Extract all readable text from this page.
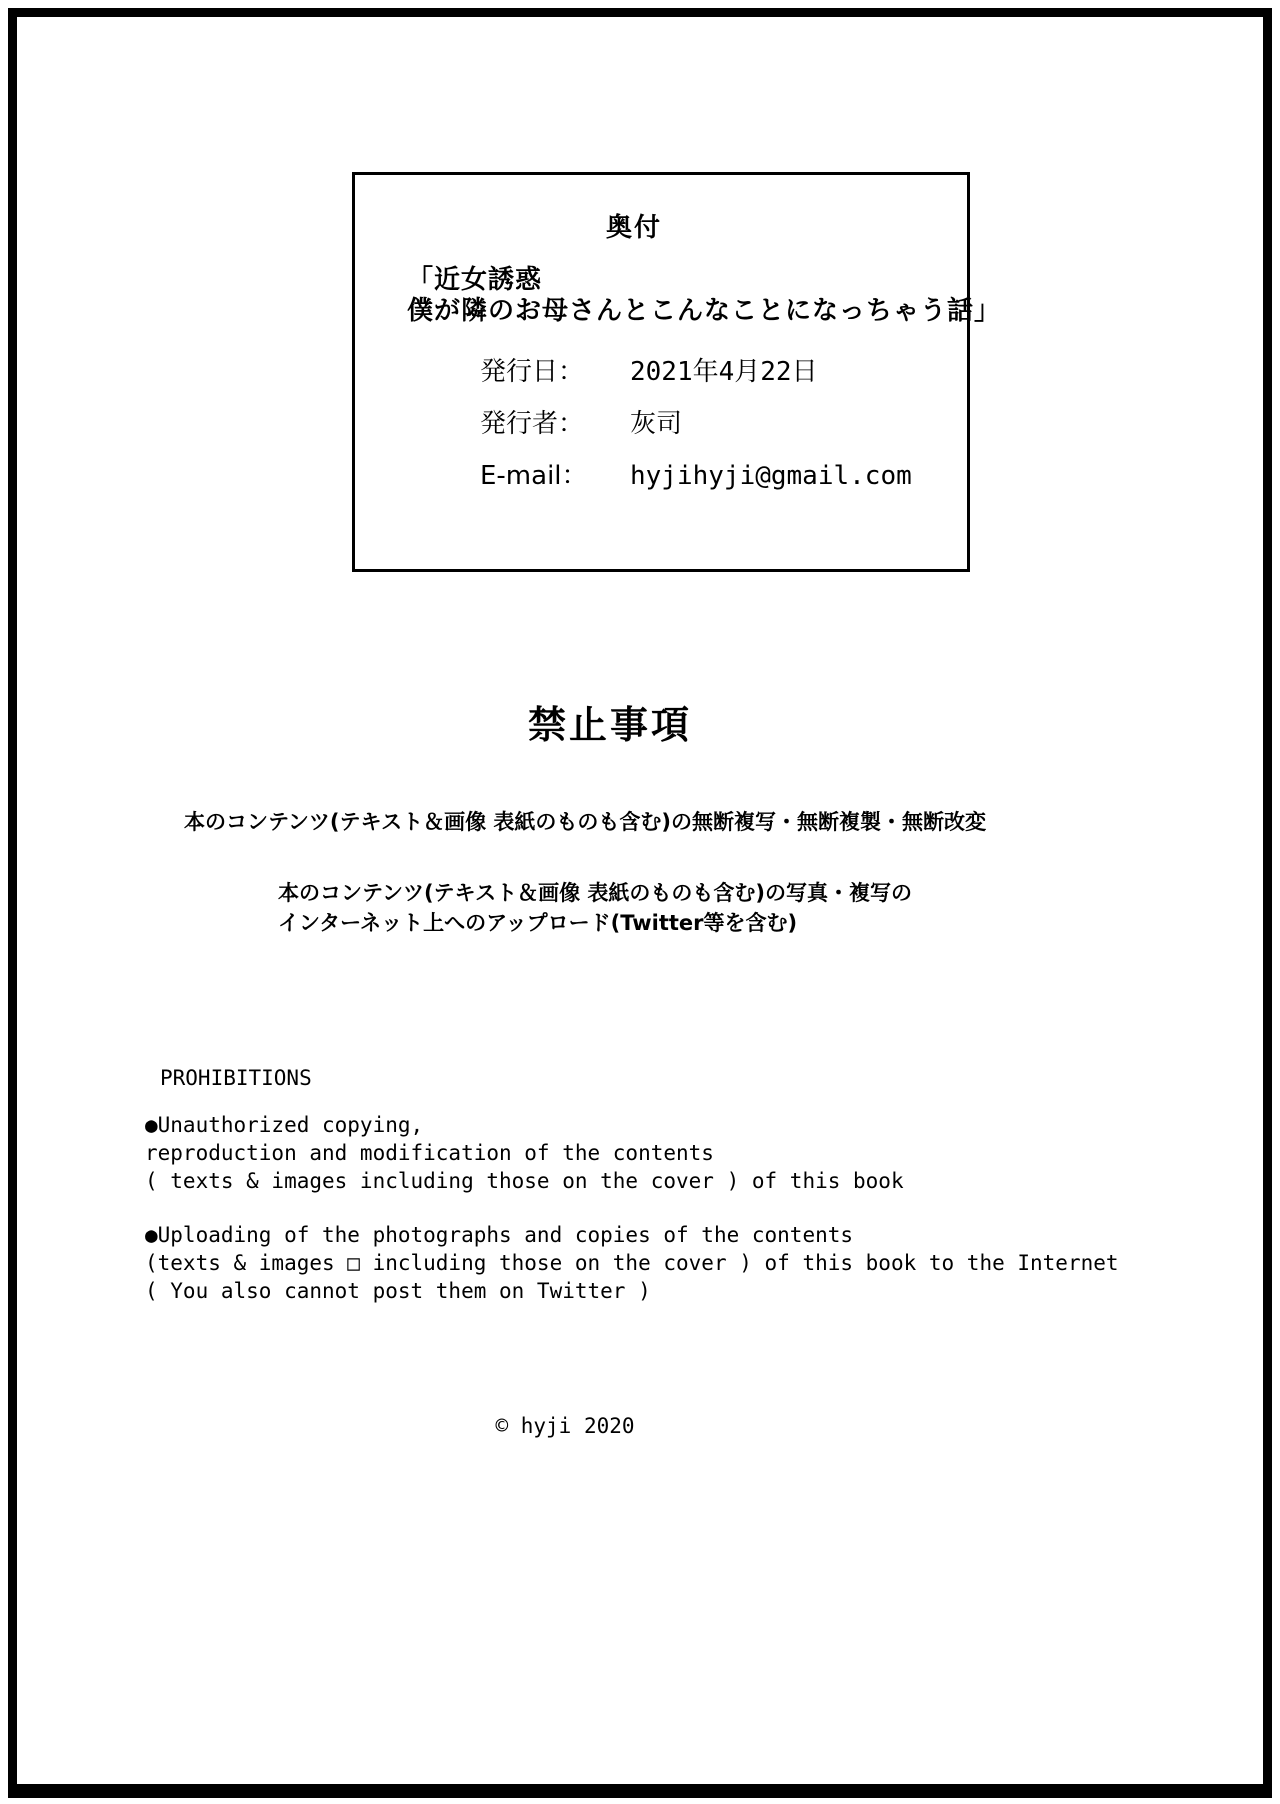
奥付
「近女誘惑
僕が隣のお母さんとこんなことになっちゃう話」
発行日：	2021年4月22日
発行者：	灰司
E-mail：	hyjihyji@gmail.com
禁止事項
本のコンテンツ(テキスト＆画像 表紙のものも含む)の無断複写・無断複製・無断改変
本のコンテンツ(テキスト＆画像 表紙のものも含む)の写真・複写の
インターネット上へのアップロード(Twitter等を含む)
PROHIBITIONS
●Unauthorized copying,
reproduction and modification of the contents
( texts & images including those on the cover ) of this book
●Uploading of the photographs and copies of the contents
(texts & images □ including those on the cover ) of this book to the Internet
( You also cannot post them on Twitter )
© hyji 2020
